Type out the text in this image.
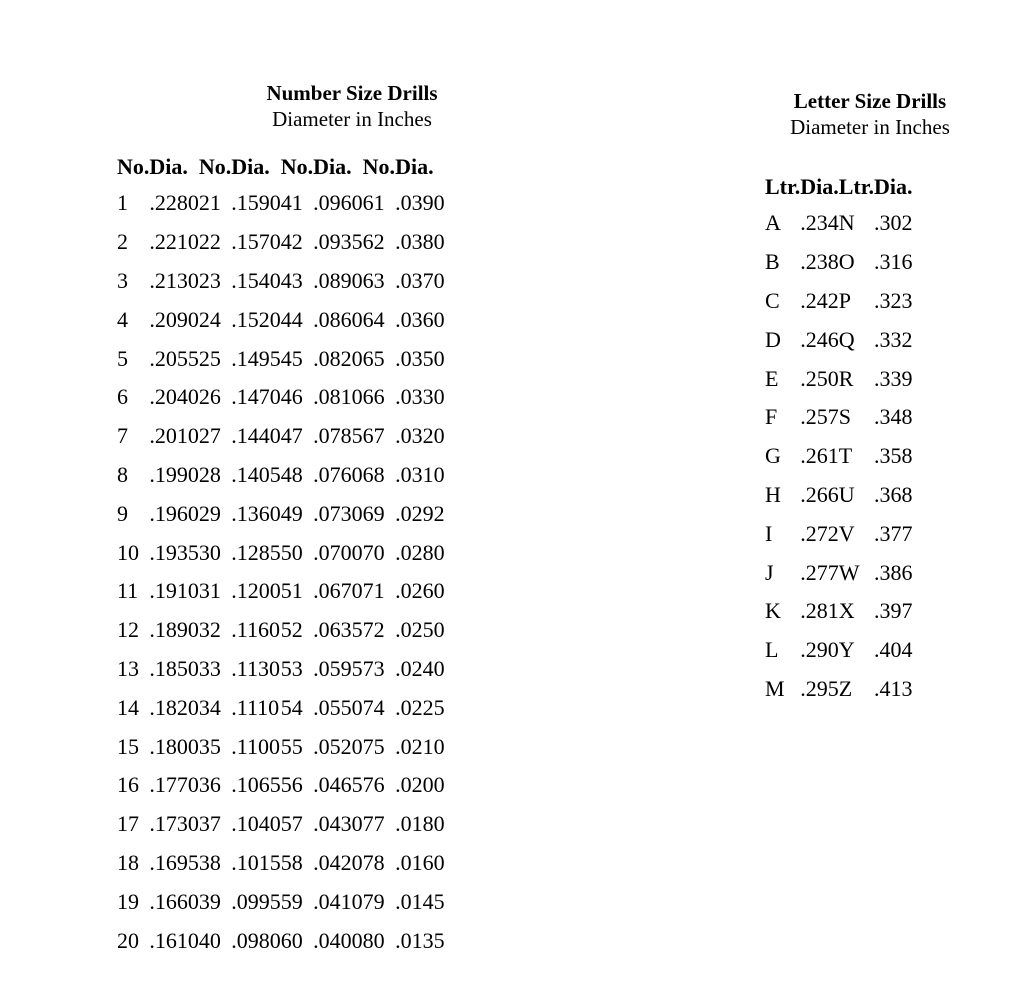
Number Size Drills
Diameter in Inches
No.	Dia.	No.	Dia.	No.	Dia.	No.	Dia.
1	.2280	21	.1590	41	.0960	61	.0390
2	.2210	22	.1570	42	.0935	62	.0380
3	.2130	23	.1540	43	.0890	63	.0370
4	.2090	24	.1520	44	.0860	64	.0360
5	.2055	25	.1495	45	.0820	65	.0350
6	.2040	26	.1470	46	.0810	66	.0330
7	.2010	27	.1440	47	.0785	67	.0320
8	.1990	28	.1405	48	.0760	68	.0310
9	.1960	29	.1360	49	.0730	69	.0292
10	.1935	30	.1285	50	.0700	70	.0280
11	.1910	31	.1200	51	.0670	71	.0260
12	.1890	32	.1160	52	.0635	72	.0250
13	.1850	33	.1130	53	.0595	73	.0240
14	.1820	34	.1110	54	.0550	74	.0225
15	.1800	35	.1100	55	.0520	75	.0210
16	.1770	36	.1065	56	.0465	76	.0200
17	.1730	37	.1040	57	.0430	77	.0180
18	.1695	38	.1015	58	.0420	78	.0160
19	.1660	39	.0995	59	.0410	79	.0145
20	.1610	40	.0980	60	.0400	80	.0135
Letter Size Drills
Diameter in Inches
Ltr.	Dia.	Ltr.	Dia.
A	.234	N	.302
B	.238	O	.316
C	.242	P	.323
D	.246	Q	.332
E	.250	R	.339
F	.257	S	.348
G	.261	T	.358
H	.266	U	.368
I	.272	V	.377
J	.277	W	.386
K	.281	X	.397
L	.290	Y	.404
M	.295	Z	.413
